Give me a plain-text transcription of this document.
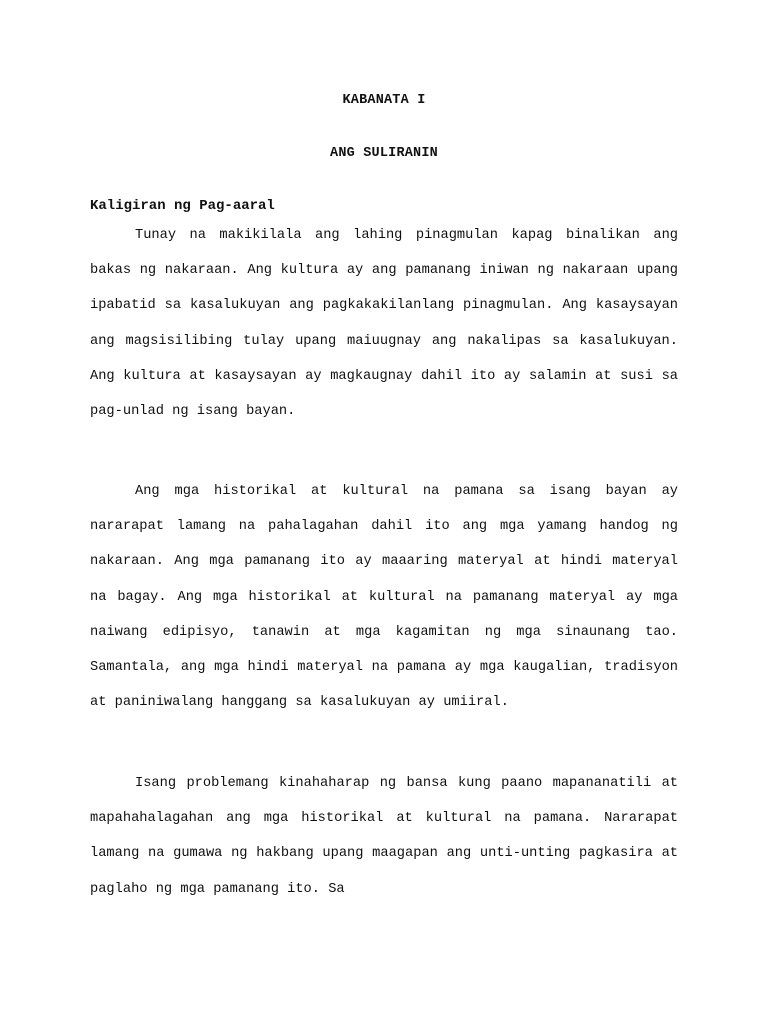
KABANATA I
ANG SULIRANIN
Kaligiran ng Pag-aaral

Tunay na makikilala ang lahing pinagmulan kapag binalikan ang bakas ng nakaraan. Ang kultura ay ang pamanang iniwan ng nakaraan upang ipabatid sa kasalukuyan ang pagkakakilanlang pinagmulan. Ang kasaysayan ang magsisilibing tulay upang maiuugnay ang nakalipas sa kasalukuyan. Ang kultura at kasaysayan ay magkaugnay dahil ito ay salamin at susi sa pag-unlad ng isang bayan.

Ang mga historikal at kultural na pamana sa isang bayan ay nararapat lamang na pahalagahan dahil ito ang mga yamang handog ng nakaraan. Ang mga pamanang ito ay maaaring materyal at hindi materyal na bagay. Ang mga historikal at kultural na pamanang materyal ay mga naiwang edipisyo, tanawin at mga kagamitan ng mga sinaunang tao. Samantala, ang mga hindi materyal na pamana ay mga kaugalian, tradisyon at paniniwalang hanggang sa kasalukuyan ay umiiral.

Isang problemang kinahaharap ng bansa kung paano mapananatili at mapahahalagahan ang mga historikal at kultural na pamana. Nararapat lamang na gumawa ng hakbang upang maagapan ang unti-unting pagkasira at paglaho ng mga pamanang ito. Sa
